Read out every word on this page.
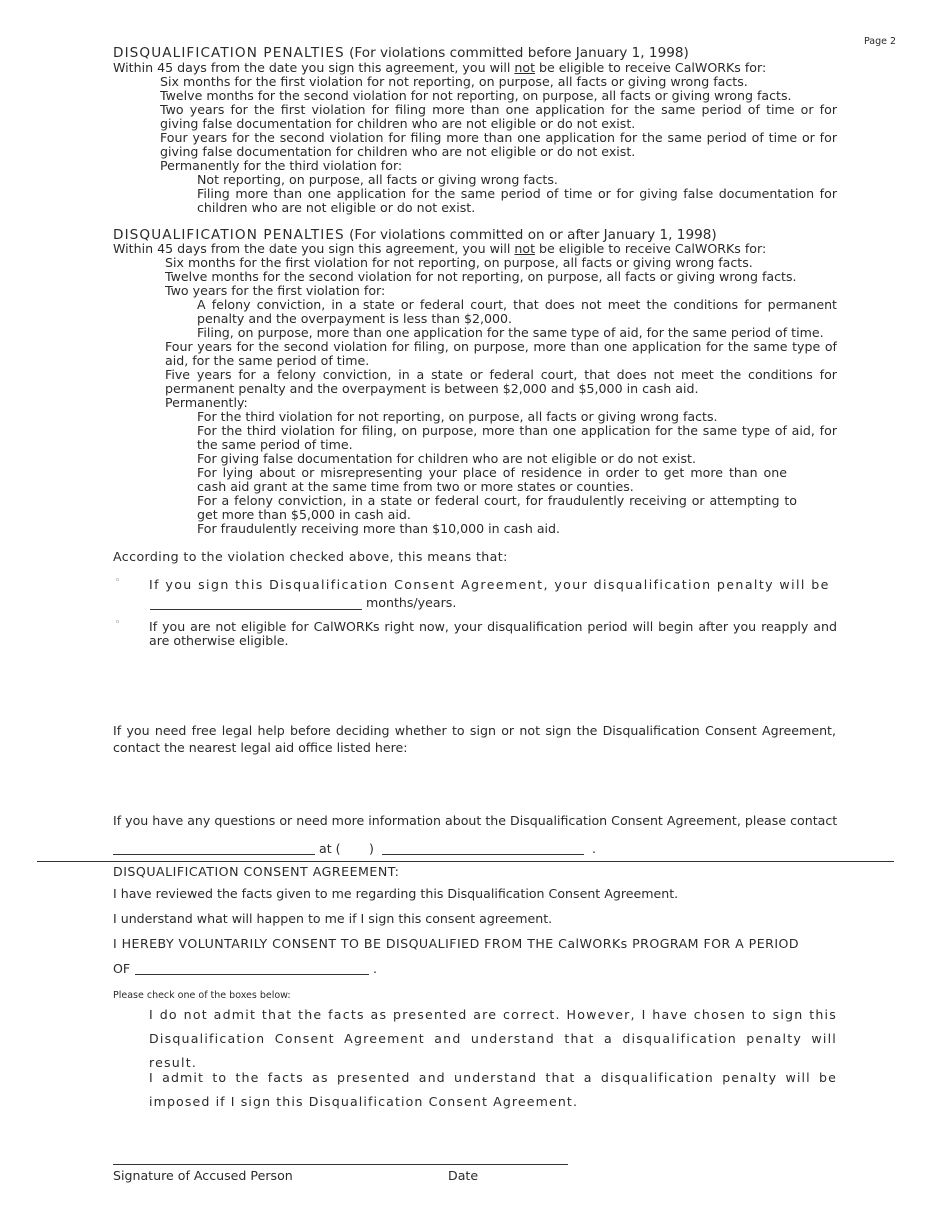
Page 2
DISQUALIFICATION PENALTIES (For violations committed before January 1, 1998)
Within 45 days from the date you sign this agreement, you will not be eligible to receive CalWORKs for:
Six months for the first violation for not reporting, on purpose, all facts or giving wrong facts.
Twelve months for the second violation for not reporting, on purpose, all facts or giving wrong facts.
Two years for the first violation for filing more than one application for the same period of time or for giving false documentation for children who are not eligible or do not exist.
Four years for the second violation for filing more than one application for the same period of time or for giving false documentation for children who are not eligible or do not exist.
Permanently for the third violation for:
Not reporting, on purpose, all facts or giving wrong facts.
Filing more than one application for the same period of time or for giving false documentation for children who are not eligible or do not exist.
DISQUALIFICATION PENALTIES (For violations committed on or after January 1, 1998)
Within 45 days from the date you sign this agreement, you will not be eligible to receive CalWORKs for:
Six months for the first violation for not reporting, on purpose, all facts or giving wrong facts.
Twelve months for the second violation for not reporting, on purpose, all facts or giving wrong facts.
Two years for the first violation for:
A felony conviction, in a state or federal court, that does not meet the conditions for permanent penalty and the overpayment is less than $2,000.
Filing, on purpose, more than one application for the same type of aid, for the same period of time.
Four years for the second violation for filing, on purpose, more than one application for the same type of aid, for the same period of time.
Five years for a felony conviction, in a state or federal court, that does not meet the conditions for permanent penalty and the overpayment is between $2,000 and $5,000 in cash aid.
Permanently:
For the third violation for not reporting, on purpose, all facts or giving wrong facts.
For the third violation for filing, on purpose, more than one application for the same type of aid, for the same period of time.
For giving false documentation for children who are not eligible or do not exist.
For lying about or misrepresenting your place of residence in order to get more than one cash aid grant at the same time from two or more states or counties.
For a felony conviction, in a state or federal court, for fraudulently receiving or attempting to get more than $5,000 in cash aid.
For fraudulently receiving more than $10,000 in cash aid.
According to the violation checked above, this means that:
◦ If you sign this Disqualification Consent Agreement, your disqualification penalty will be
months/years.
◦ If you are not eligible for CalWORKs right now, your disqualification period will begin after you reapply and are otherwise eligible.
If you need free legal help before deciding whether to sign or not sign the Disqualification Consent Agreement, contact the nearest legal aid office listed here:
If you have any questions or need more information about the Disqualification Consent Agreement, please contact
at ( )	.
DISQUALIFICATION CONSENT AGREEMENT:
I have reviewed the facts given to me regarding this Disqualification Consent Agreement.
I understand what will happen to me if I sign this consent agreement.
I HEREBY VOLUNTARILY CONSENT TO BE DISQUALIFIED FROM THE CalWORKs PROGRAM FOR A PERIOD
OF	.
Please check one of the boxes below:
I do not admit that the facts as presented are correct. However, I have chosen to sign this Disqualification Consent Agreement and understand that a disqualification penalty will result.
I admit to the facts as presented and understand that a disqualification penalty will be imposed if I sign this Disqualification Consent Agreement.
Signature of Accused Person	Date
